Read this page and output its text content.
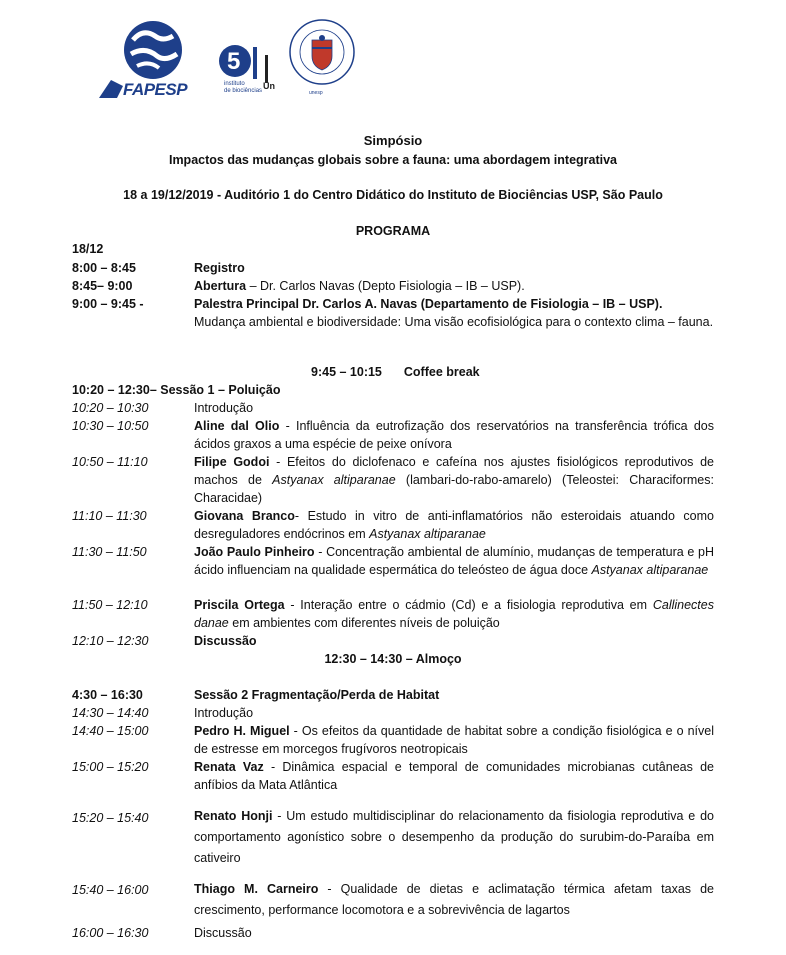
FAPESP
5
instituto
de biociências Un
unesp
Simpósio
Impactos das mudanças globais sobre a fauna: uma abordagem integrativa
18 a 19/12/2019 - Auditório 1 do Centro Didático do Instituto de Biociências USP, São Paulo
PROGRAMA
18/12
8:00 – 8:45	Registro
8:45– 9:00	Abertura – Dr. Carlos Navas (Depto Fisiologia – IB – USP).
9:00 – 9:45 -	Palestra Principal Dr. Carlos A. Navas (Departamento de Fisiologia – IB – USP).
Mudança ambiental e biodiversidade: Uma visão ecofisiológica para o contexto clima – fauna.
9:45 – 10:15 Coffee break
10:20 – 12:30– Sessão 1 – Poluição
10:20 – 10:30	Introdução
10:30 – 10:50	Aline dal Olio - Influência da eutrofização dos reservatórios na transferência trófica dos ácidos graxos a uma espécie de peixe onívora
10:50 – 11:10	Filipe Godoi - Efeitos do diclofenaco e cafeína nos ajustes fisiológicos reprodutivos de machos de Astyanax altiparanae (lambari-do-rabo-amarelo) (Teleostei: Characiformes: Characidae)
11:10 – 11:30	Giovana Branco- Estudo in vitro de anti-inflamatórios não esteroidais atuando como desreguladores endócrinos em Astyanax altiparanae
11:30 – 11:50	João Paulo Pinheiro - Concentração ambiental de alumínio, mudanças de temperatura e pH ácido influenciam na qualidade espermática do teleósteo de água doce Astyanax altiparanae
11:50 – 12:10	Priscila Ortega - Interação entre o cádmio (Cd) e a fisiologia reprodutiva em Callinectes danae em ambientes com diferentes níveis de poluição
12:10 – 12:30	Discussão
12:30 – 14:30 – Almoço
4:30 – 16:30	Sessão 2 Fragmentação/Perda de Habitat
14:30 – 14:40	Introdução
14:40 – 15:00	Pedro H. Miguel - Os efeitos da quantidade de habitat sobre a condição fisiológica e o nível de estresse em morcegos frugívoros neotropicais
15:00 – 15:20	Renata Vaz - Dinâmica espacial e temporal de comunidades microbianas cutâneas de anfíbios da Mata Atlântica
15:20 – 15:40	Renato Honji - Um estudo multidisciplinar do relacionamento da fisiologia reprodutiva e do comportamento agonístico sobre o desempenho da produção do surubim-do-Paraíba em cativeiro
15:40 – 16:00	Thiago M. Carneiro - Qualidade de dietas e aclimatação térmica afetam taxas de crescimento, performance locomotora e a sobrevivência de lagartos
16:00 – 16:30	Discussão
